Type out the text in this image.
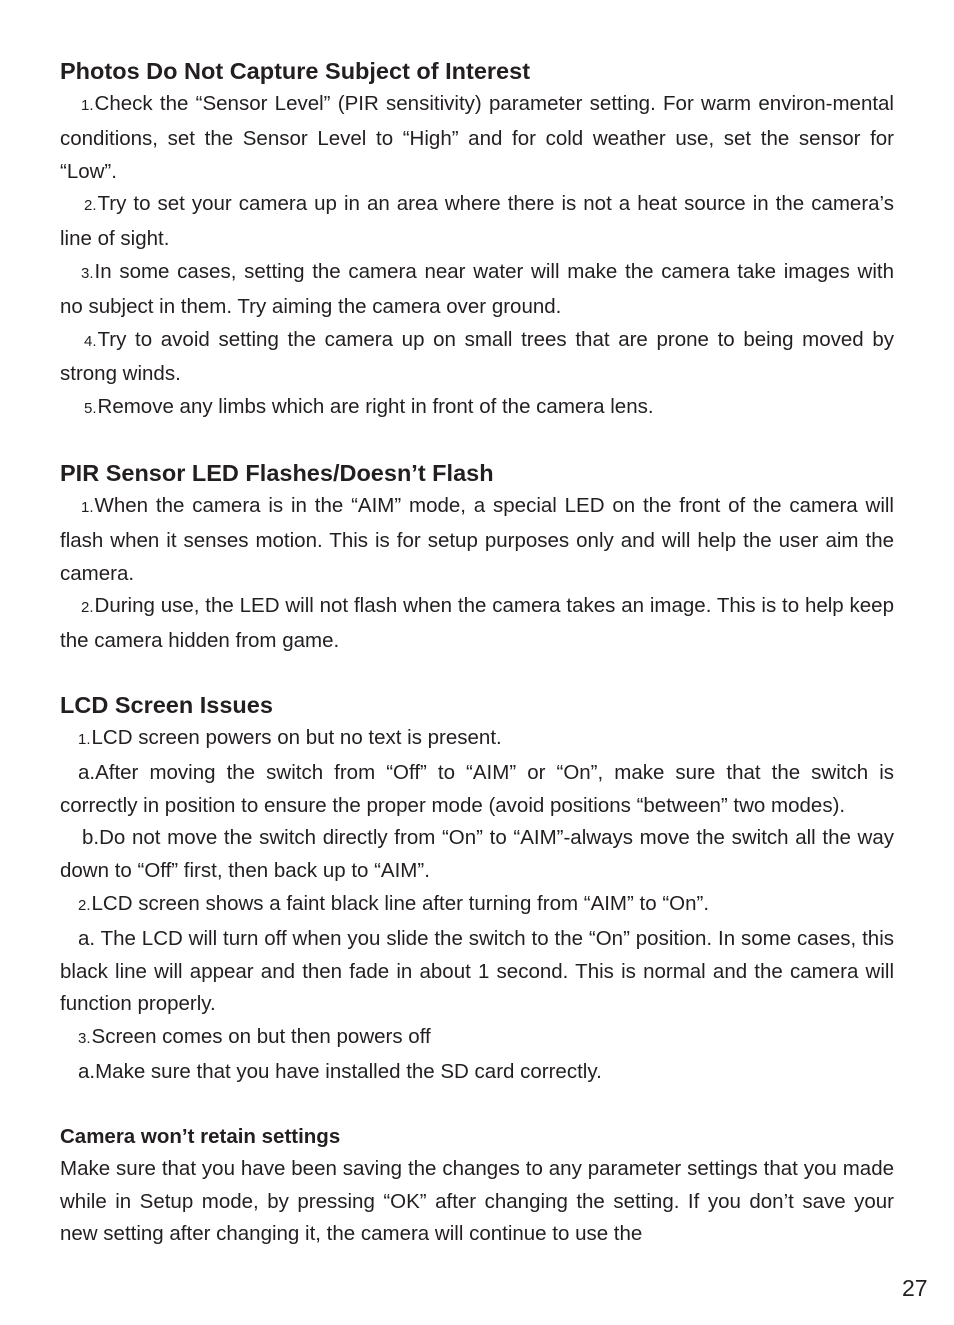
Photos Do Not Capture Subject of Interest

1.Check the “Sensor Level” (PIR sensitivity) parameter setting. For warm environ-mental conditions, set the Sensor Level to “High” and for cold weather use, set the sensor for “Low”.

2.Try to set your camera up in an area where there is not a heat source in the camera’s line of sight.

3.In some cases, setting the camera near water will make the camera take images with no subject in them. Try aiming the camera over ground.

4.Try to avoid setting the camera up on small trees that are prone to being moved by strong winds.

5.Remove any limbs which are right in front of the camera lens.

PIR Sensor LED Flashes/Doesn’t Flash

1.When the camera is in the “AIM” mode, a special LED on the front of the camera will flash when it senses motion. This is for setup purposes only and will help the user aim the camera.

2.During use, the LED will not flash when the camera takes an image. This is to help keep the camera hidden from game.

LCD Screen Issues

1.LCD screen powers on but no text is present.

a.After moving the switch from “Off” to “AIM” or “On”, make sure that the switch is correctly in position to ensure the proper mode (avoid positions “between” two modes).

b.Do not move the switch directly from “On” to “AIM”-always move the switch all the way down to “Off” first, then back up to “AIM”.

2.LCD screen shows a faint black line after turning from “AIM” to “On”.

a. The LCD will turn off when you slide the switch to the “On” position. In some cases, this black line will appear and then fade in about 1 second. This is normal and the camera will function properly.

3.Screen comes on but then powers off

a.Make sure that you have installed the SD card correctly.

Camera won’t retain settings

Make sure that you have been saving the changes to any parameter settings that you made while in Setup mode, by pressing “OK” after changing the setting. If you don’t save your new setting after changing it, the camera will continue to use the

27
